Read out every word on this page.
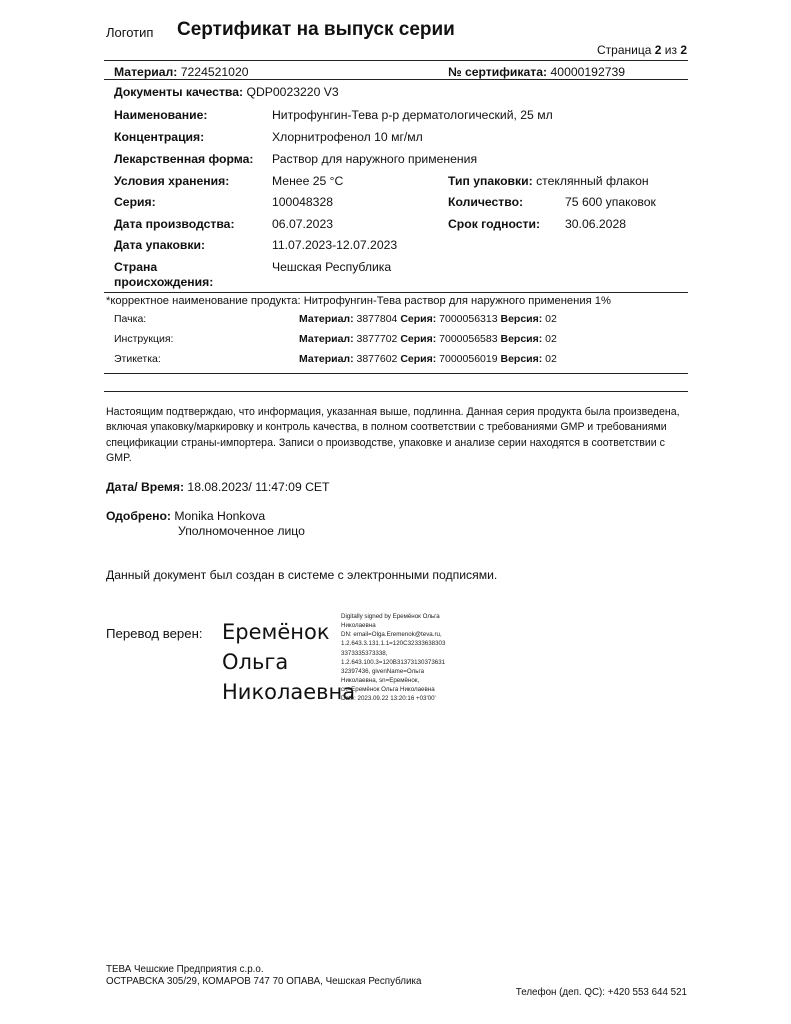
Логотип Сертификат на выпуск серии
Страница 2 из 2
Материал: 7224521020	№ сертификата: 40000192739
Документы качества: QDP0023220 V3
Наименование:	Нитрофунгин-Тева р-р дерматологический, 25 мл
Концентрация:	Хлорнитрофенол 10 мг/мл
Лекарственная форма: Раствор для наружного применения
Условия хранения:	Менее 25 °C	Тип упаковки: стеклянный флакон
Серия:	100048328	Количество:	75 600 упаковок
Дата производства:	06.07.2023	Срок годности: 30.06.2028
Дата упаковки:	11.07.2023-12.07.2023
Страна
происхождения:
Чешская Республика
*корректное наименование продукта: Нитрофунгин-Тева раствор для наружного применения 1%
Пачка:	Материал: 3877804 Серия: 7000056313 Версия: 02
Инструкция:	Материал: 3877702 Серия: 7000056583 Версия: 02
Этикетка:	Материал: 3877602 Серия: 7000056019 Версия: 02
Настоящим подтверждаю, что информация, указанная выше, подлинна. Данная серия продукта была произведена, включая упаковку/маркировку и контроль качества, в полном соответствии с требованиями GMP и требованиями спецификации страны-импортера. Записи о производстве, упаковке и анализе серии находятся в соответствии с GMP.
Дата/ Время: 18.08.2023/ 11:47:09 CET
Одобрено: Monika Honkova
Уполномоченное лицо
Данный документ был создан в системе с электронными подписями.
Перевод верен: Ерeмёнок
Ольга
Николаевна
Digitally signed by Ерeмёнок Ольга
Николаевна
DN: email=Olga.Eremenok@teva.ru,
1.2.643.3.131.1.1=120C32333638303
3373335373338,
1.2.643.100.3=120B31373130373631
32397436, givenName=Ольга
Николаевна, sn=Ерeмёнок,
cn=Ерeмёнок Ольга Николаевна
Date: 2023.09.22 13:20:16 +03'00'
ТЕВА Чешские Предприятия с.р.о.
ОСТРАВСКА 305/29, КОМАРОВ 747 70 ОПАВА, Чешская Республика
Телефон (деп. QC): +420 553 644 521
